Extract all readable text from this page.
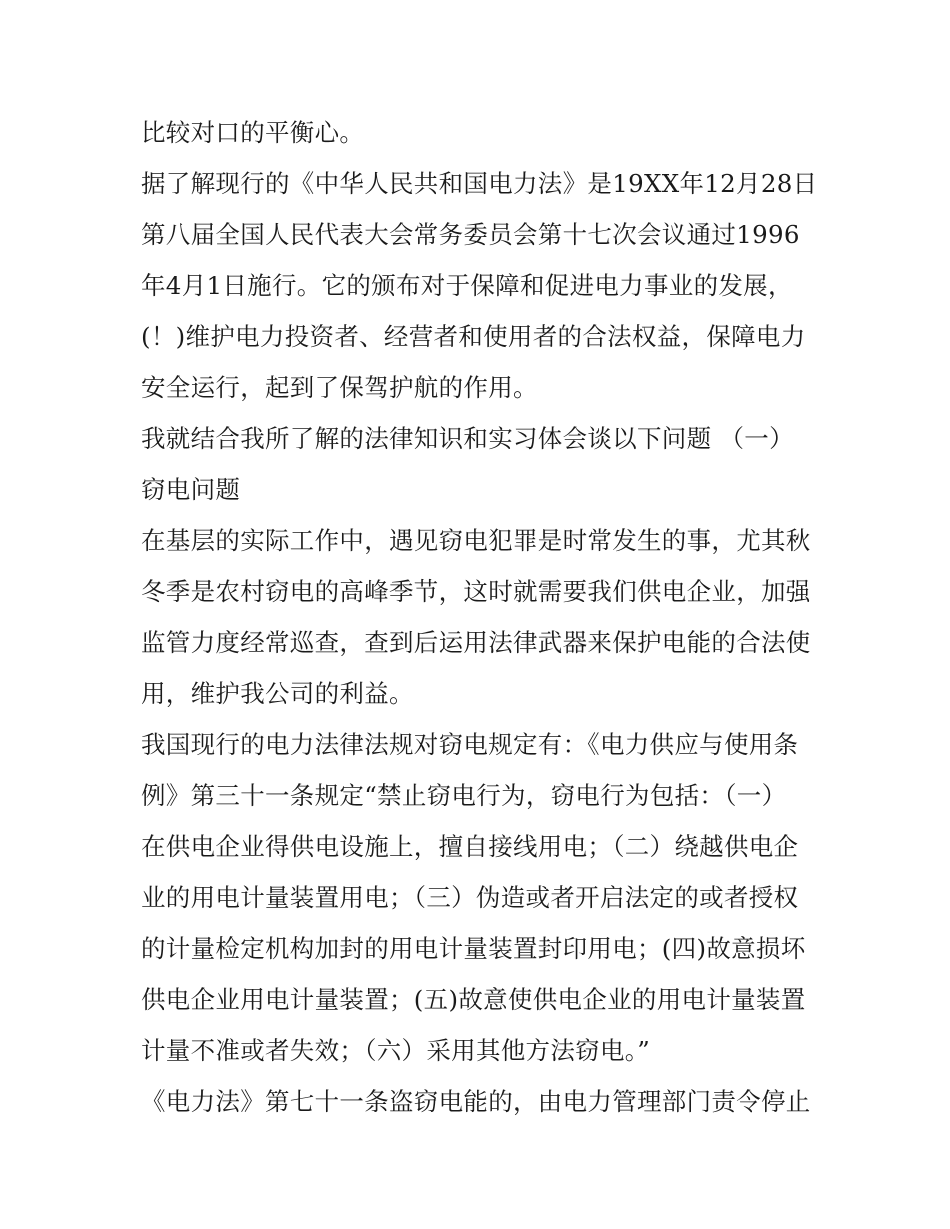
比较对口的平衡心。
据了解现行的《中华人民共和国电力法》是19XX年12月28日
第八届全国人民代表大会常务委员会第十七次会议通过1996
年4月1日施行。它的颁布对于保障和促进电力事业的发展，
(！)维护电力投资者、经营者和使用者的合法权益，保障电力
安全运行，起到了保驾护航的作用。
我就结合我所了解的法律知识和实习体会谈以下问题 （一）
窃电问题
在基层的实际工作中，遇见窃电犯罪是时常发生的事，尤其秋
冬季是农村窃电的高峰季节，这时就需要我们供电企业，加强
监管力度经常巡查，查到后运用法律武器来保护电能的合法使
用，维护我公司的利益。
我国现行的电力法律法规对窃电规定有：《电力供应与使用条
例》第三十一条规定“禁止窃电行为，窃电行为包括：（一）
在供电企业得供电设施上，擅自接线用电；（二）绕越供电企
业的用电计量装置用电；（三）伪造或者开启法定的或者授权
的计量检定机构加封的用电计量装置封印用电；(四)故意损坏
供电企业用电计量装置；(五)故意使供电企业的用电计量装置
计量不准或者失效；（六）采用其他方法窃电。”
《电力法》第七十一条盗窃电能的，由电力管理部门责令停止
